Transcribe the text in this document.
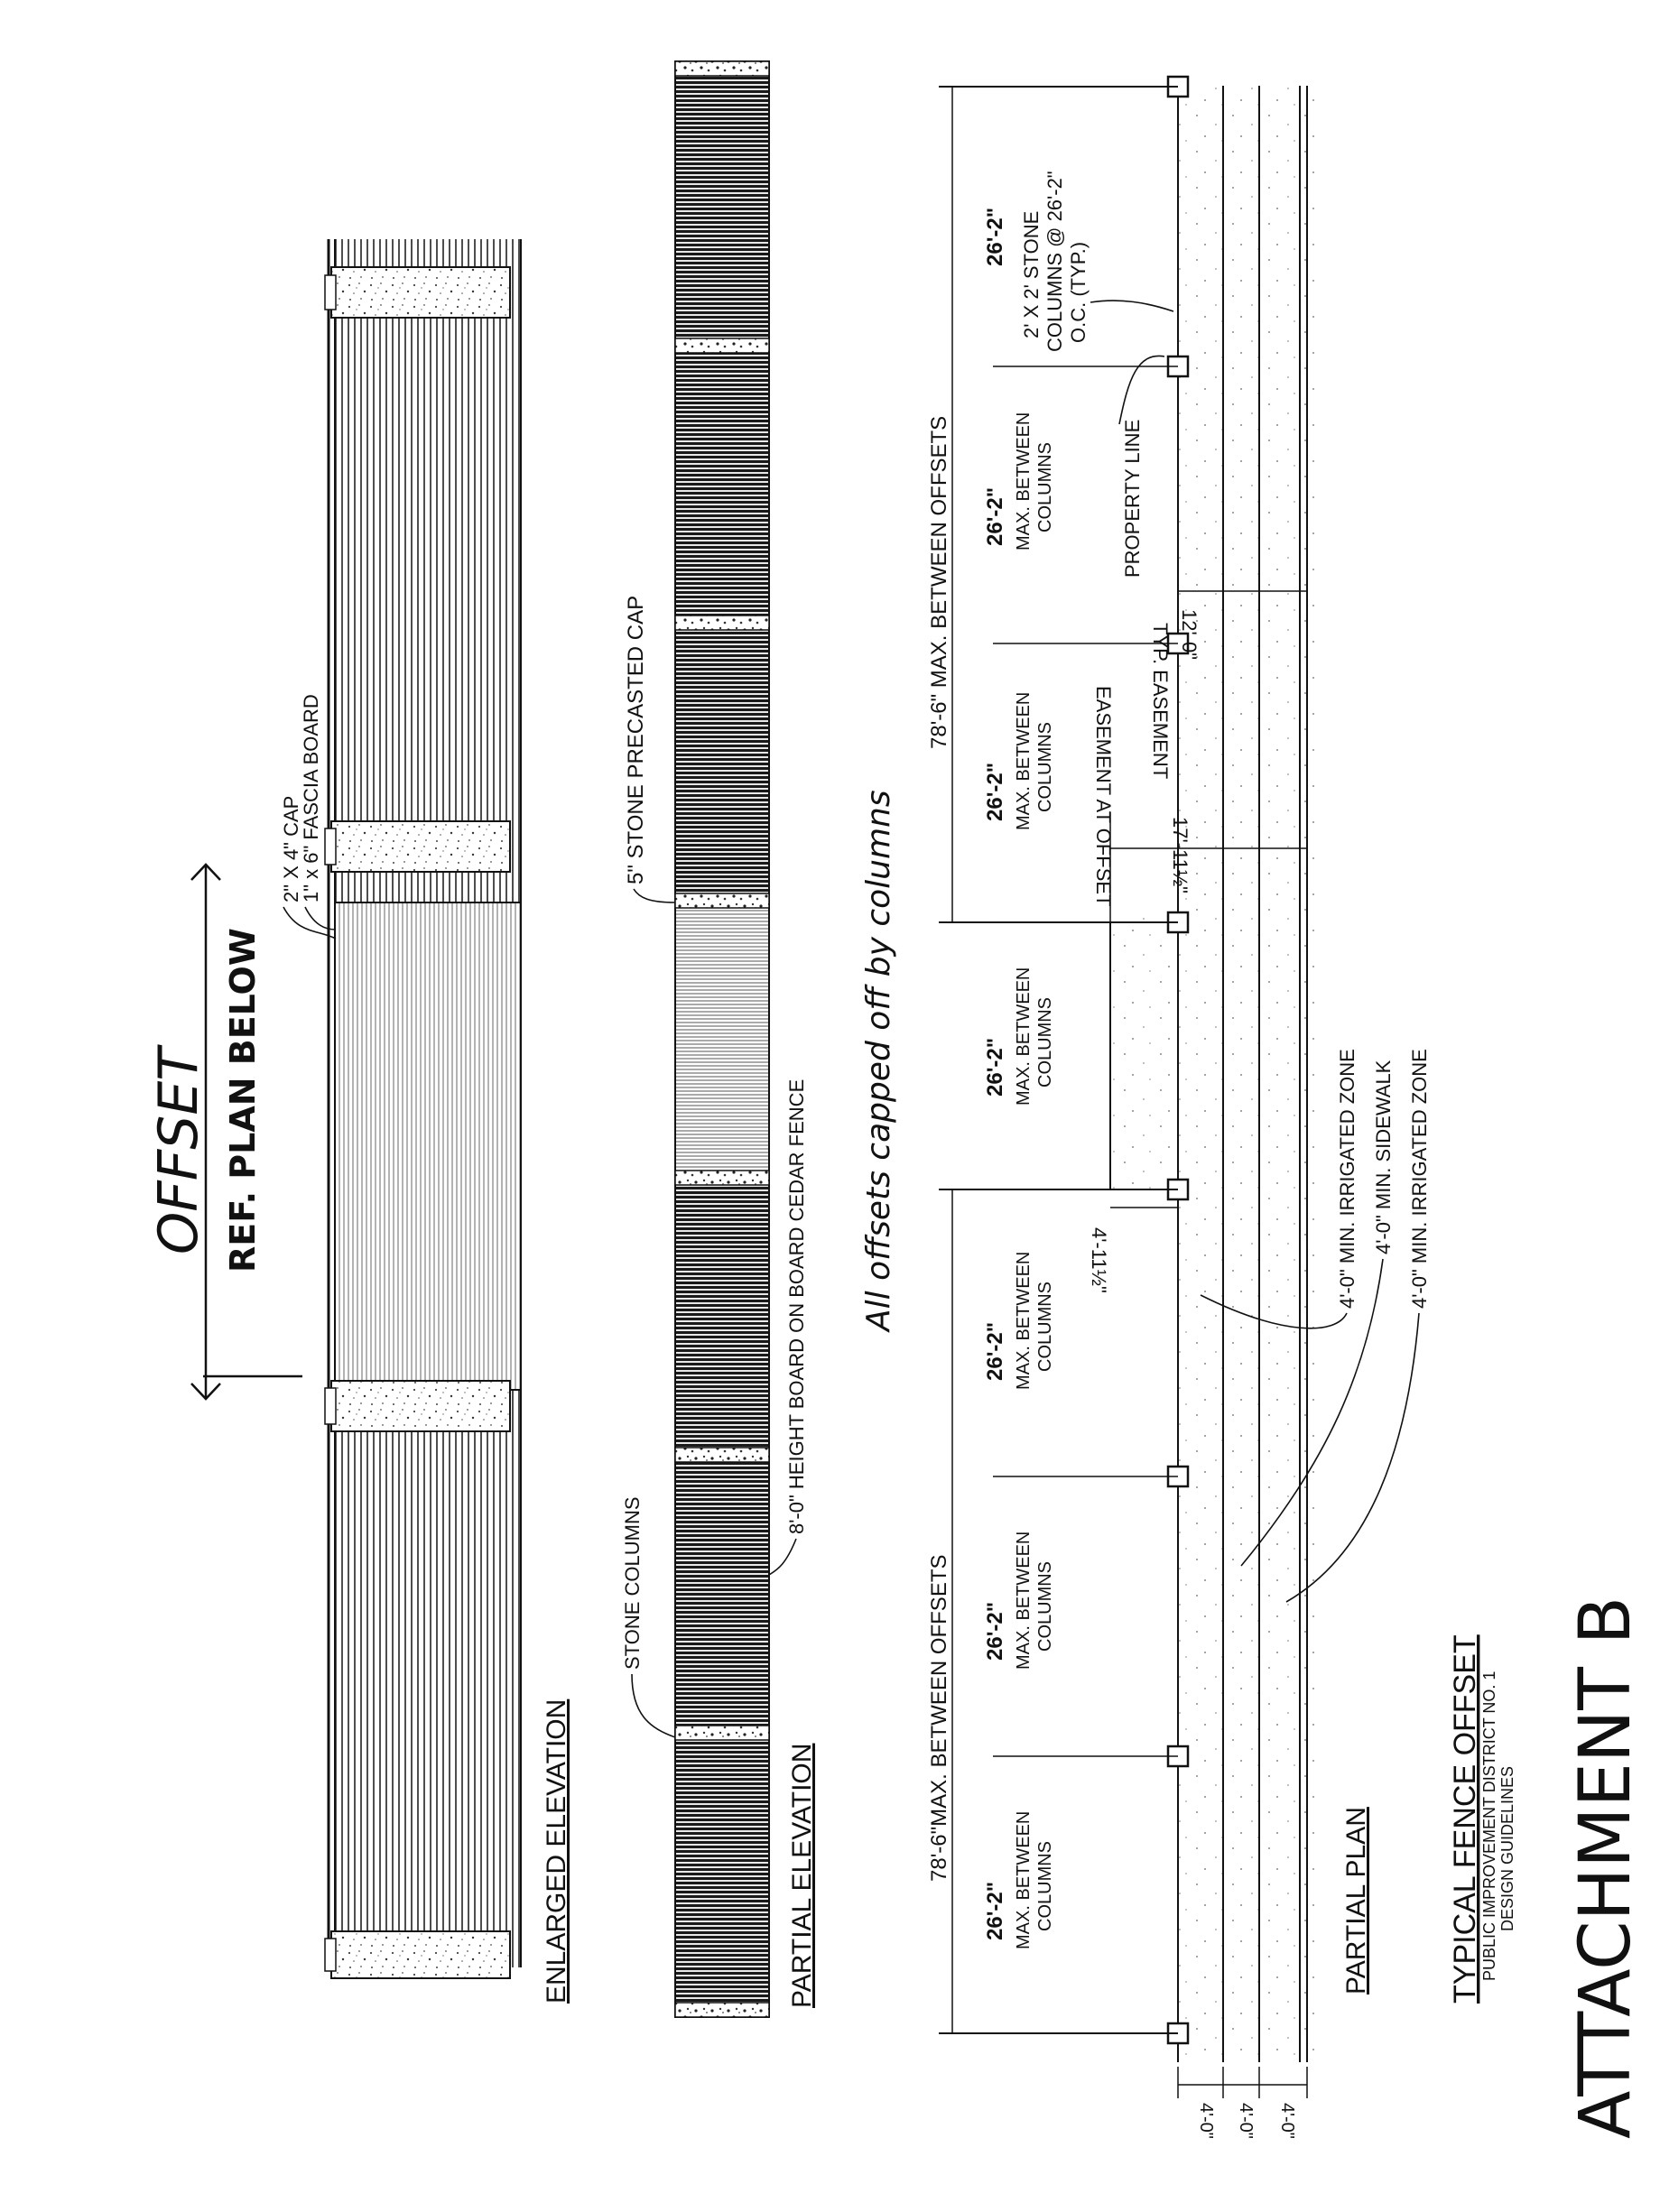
ENLARGED ELEVATION
2" X 4" CAP
1" x 6" FASCIA BOARD
OFFSET REF. PLAN BELOW
PARTIAL ELEVATION
5" STONE PRECASTED CAP
8'-0" HEIGHT BOARD ON BOARD CEDAR FENCE
STONE COLUMNS
All offsets capped off by columns
78'-6" MAX. BETWEEN OFFSETS
78'-6"MAX. BETWEEN OFFSETS
26'-2"
26'-2" MAX. BETWEEN COLUMNS
26'-2" MAX. BETWEEN COLUMNS
26'-2" MAX. BETWEEN COLUMNS
26'-2" MAX. BETWEEN COLUMNS
26'-2" MAX. BETWEEN COLUMNS
26'-2" MAX. BETWEEN COLUMNS
2' X 2' STONE COLUMNS @ 26'-2" O.C. (TYP.)
PROPERTY LINE
TYP. EASEMENT 12'-0"
EASEMENT AT OFFSET	17'-11½"
4'-11½"	4'-0" MIN. IRRIGATED ZONE 4'-0" MIN. SIDEWALK 4'-0" MIN. IRRIGATED ZONE
4'-0" 4'-0" 4'-0"
PARTIAL PLAN	TYPICAL FENCE OFFSET
PUBLIC IMPROVEMENT DISTRICT NO. 1 DESIGN GUIDELINES ATTACHMENT B
